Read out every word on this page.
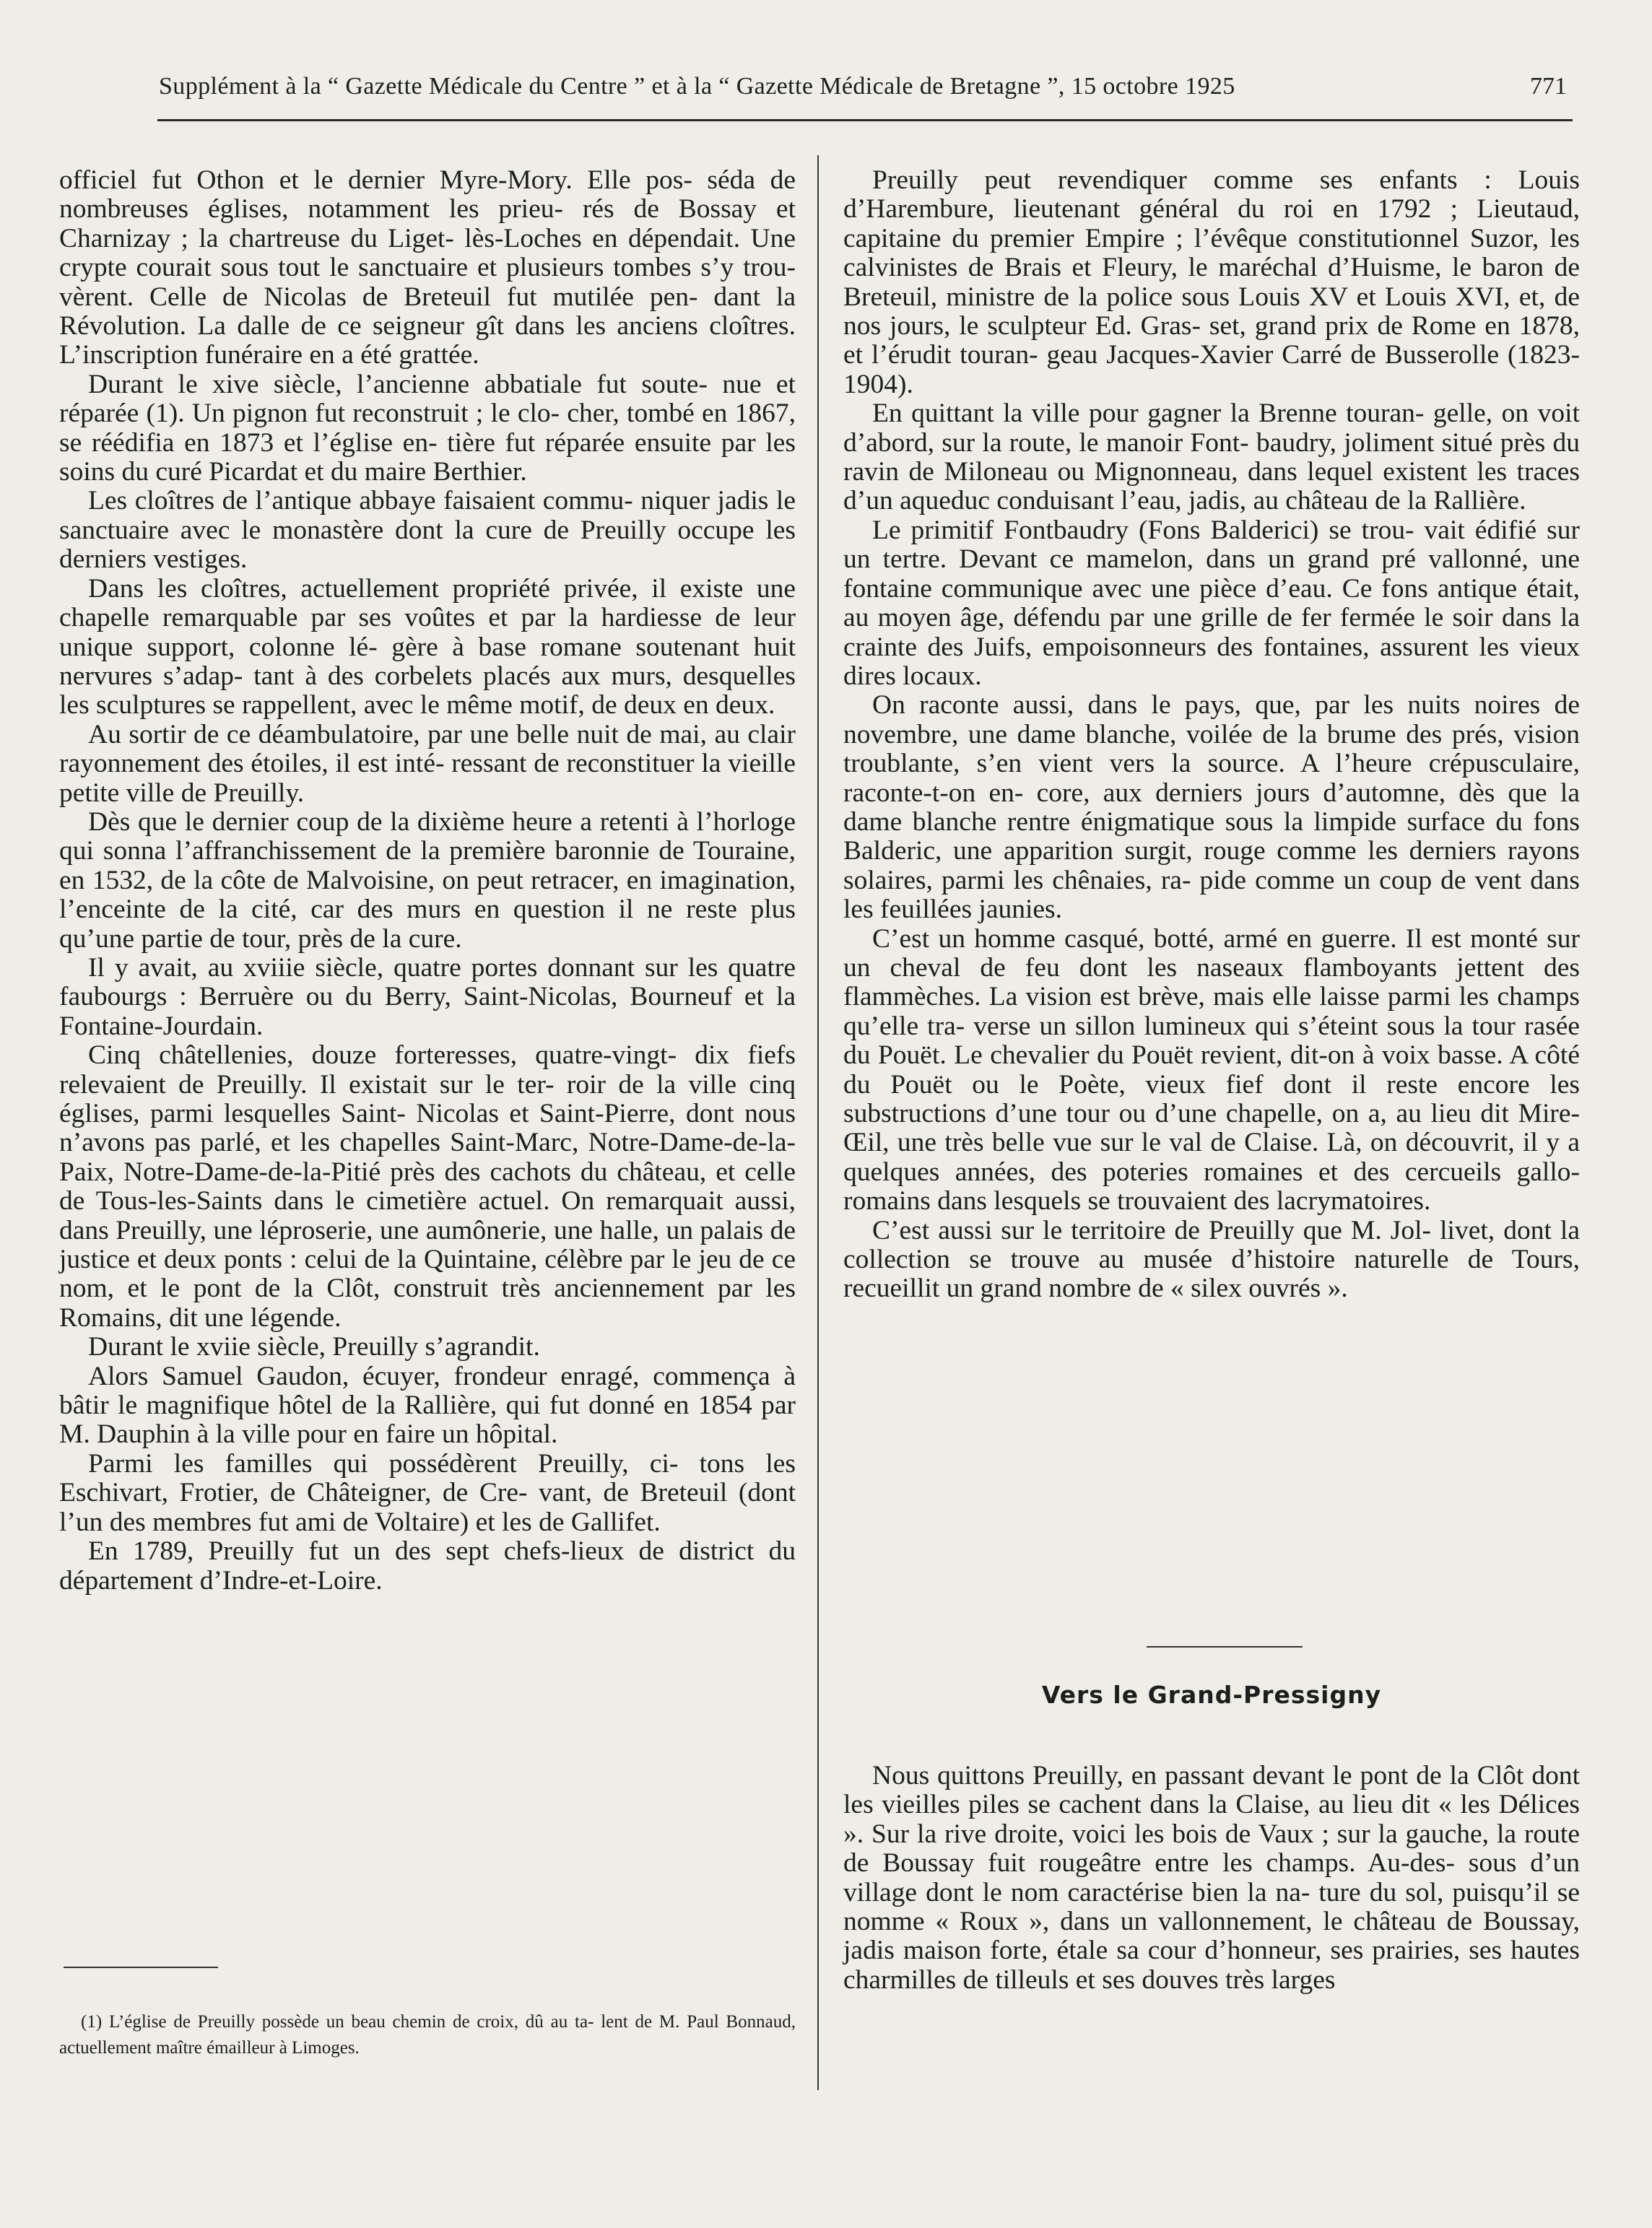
Supplément à la “ Gazette Médicale du Centre ” et à la “ Gazette Médicale de Bretagne ”, 15 octobre 1925	771

officiel fut Othon et le dernier Myre-Mory. Elle pos- séda de nombreuses églises, notamment les prieu- rés de Bossay et Charnizay ; la chartreuse du Liget- lès-Loches en dépendait. Une crypte courait sous tout le sanctuaire et plusieurs tombes s’y trou- vèrent. Celle de Nicolas de Breteuil fut mutilée pen- dant la Révolution. La dalle de ce seigneur gît dans les anciens cloîtres. L’inscription funéraire en a été grattée.

Durant le xive siècle, l’ancienne abbatiale fut soute- nue et réparée (1). Un pignon fut reconstruit ; le clo- cher, tombé en 1867, se réédifia en 1873 et l’église en- tière fut réparée ensuite par les soins du curé Picardat et du maire Berthier.

Les cloîtres de l’antique abbaye faisaient commu- niquer jadis le sanctuaire avec le monastère dont la cure de Preuilly occupe les derniers vestiges.

Dans les cloîtres, actuellement propriété privée, il existe une chapelle remarquable par ses voûtes et par la hardiesse de leur unique support, colonne lé- gère à base romane soutenant huit nervures s’adap- tant à des corbelets placés aux murs, desquelles les sculptures se rappellent, avec le même motif, de deux en deux.

Au sortir de ce déambulatoire, par une belle nuit de mai, au clair rayonnement des étoiles, il est inté- ressant de reconstituer la vieille petite ville de Preuilly.

Dès que le dernier coup de la dixième heure a retenti à l’horloge qui sonna l’affranchissement de la première baronnie de Touraine, en 1532, de la côte de Malvoisine, on peut retracer, en imagination, l’enceinte de la cité, car des murs en question il ne reste plus qu’une partie de tour, près de la cure.

Il y avait, au xviiie siècle, quatre portes donnant sur les quatre faubourgs : Berruère ou du Berry, Saint-Nicolas, Bourneuf et la Fontaine-Jourdain.

Cinq châtellenies, douze forteresses, quatre-vingt- dix fiefs relevaient de Preuilly. Il existait sur le ter- roir de la ville cinq églises, parmi lesquelles Saint- Nicolas et Saint-Pierre, dont nous n’avons pas parlé, et les chapelles Saint-Marc, Notre-Dame-de-la-Paix, Notre-Dame-de-la-Pitié près des cachots du château, et celle de Tous-les-Saints dans le cimetière actuel. On remarquait aussi, dans Preuilly, une léproserie, une aumônerie, une halle, un palais de justice et deux ponts : celui de la Quintaine, célèbre par le jeu de ce nom, et le pont de la Clôt, construit très anciennement par les Romains, dit une légende.

Durant le xviie siècle, Preuilly s’agrandit.

Alors Samuel Gaudon, écuyer, frondeur enragé, commença à bâtir le magnifique hôtel de la Rallière, qui fut donné en 1854 par M. Dauphin à la ville pour en faire un hôpital.

Parmi les familles qui possédèrent Preuilly, ci- tons les Eschivart, Frotier, de Châteigner, de Cre- vant, de Breteuil (dont l’un des membres fut ami de Voltaire) et les de Gallifet.

En 1789, Preuilly fut un des sept chefs-lieux de district du département d’Indre-et-Loire.

(1) L’église de Preuilly possède un beau chemin de croix, dû au ta- lent de M. Paul Bonnaud, actuellement maître émailleur à Limoges.

Preuilly peut revendiquer comme ses enfants : Louis d’Harembure, lieutenant général du roi en 1792 ; Lieutaud, capitaine du premier Empire ; l’évêque constitutionnel Suzor, les calvinistes de Brais et Fleury, le maréchal d’Huisme, le baron de Breteuil, ministre de la police sous Louis XV et Louis XVI, et, de nos jours, le sculpteur Ed. Gras- set, grand prix de Rome en 1878, et l’érudit touran- geau Jacques-Xavier Carré de Busserolle (1823- 1904).

En quittant la ville pour gagner la Brenne touran- gelle, on voit d’abord, sur la route, le manoir Font- baudry, joliment situé près du ravin de Miloneau ou Mignonneau, dans lequel existent les traces d’un aqueduc conduisant l’eau, jadis, au château de la Rallière.

Le primitif Fontbaudry (Fons Balderici) se trou- vait édifié sur un tertre. Devant ce mamelon, dans un grand pré vallonné, une fontaine communique avec une pièce d’eau. Ce fons antique était, au moyen âge, défendu par une grille de fer fermée le soir dans la crainte des Juifs, empoisonneurs des fontaines, assurent les vieux dires locaux.

On raconte aussi, dans le pays, que, par les nuits noires de novembre, une dame blanche, voilée de la brume des prés, vision troublante, s’en vient vers la source. A l’heure crépusculaire, raconte-t-on en- core, aux derniers jours d’automne, dès que la dame blanche rentre énigmatique sous la limpide surface du fons Balderic, une apparition surgit, rouge comme les derniers rayons solaires, parmi les chênaies, ra- pide comme un coup de vent dans les feuillées jaunies.

C’est un homme casqué, botté, armé en guerre. Il est monté sur un cheval de feu dont les naseaux flamboyants jettent des flammèches. La vision est brève, mais elle laisse parmi les champs qu’elle tra- verse un sillon lumineux qui s’éteint sous la tour rasée du Pouët. Le chevalier du Pouët revient, dit-on à voix basse. A côté du Pouët ou le Poète, vieux fief dont il reste encore les substructions d’une tour ou d’une chapelle, on a, au lieu dit Mire-Œil, une très belle vue sur le val de Claise. Là, on découvrit, il y a quelques années, des poteries romaines et des cercueils gallo-romains dans lesquels se trouvaient des lacrymatoires.

C’est aussi sur le territoire de Preuilly que M. Jol- livet, dont la collection se trouve au musée d’histoire naturelle de Tours, recueillit un grand nombre de « silex ouvrés ».

Vers le Grand-Pressigny

Nous quittons Preuilly, en passant devant le pont de la Clôt dont les vieilles piles se cachent dans la Claise, au lieu dit « les Délices ». Sur la rive droite, voici les bois de Vaux ; sur la gauche, la route de Boussay fuit rougeâtre entre les champs. Au-des- sous d’un village dont le nom caractérise bien la na- ture du sol, puisqu’il se nomme « Roux », dans un vallonnement, le château de Boussay, jadis maison forte, étale sa cour d’honneur, ses prairies, ses hautes charmilles de tilleuls et ses douves très larges
